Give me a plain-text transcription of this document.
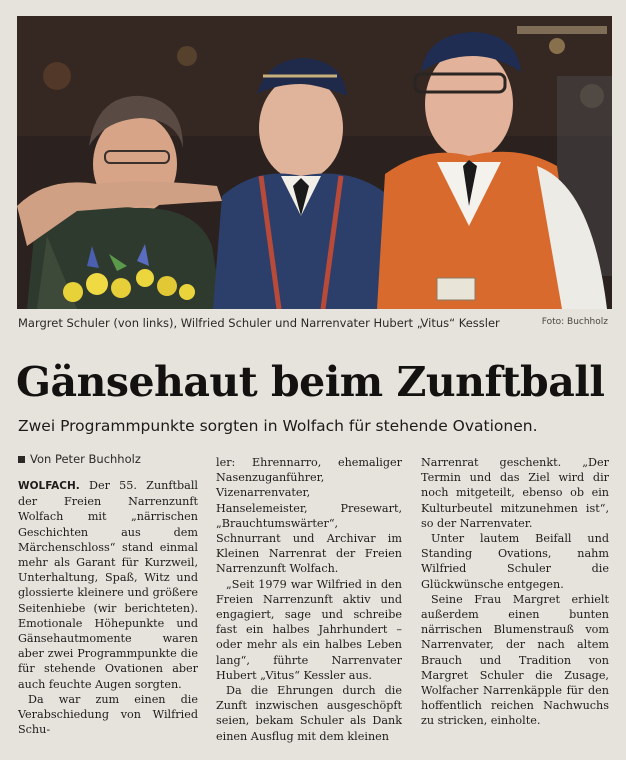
Margret Schuler (von links), Wilfried Schuler und Narrenvater Hubert „Vitus“ Kessler	Foto: Buchholz
Gänsehaut beim Zunftball
Zwei Programmpunkte sorgten in Wolfach für stehende Ovationen.
Von Peter Buchholz

WOLFACH. Der 55. Zunftball der Freien Narrenzunft Wolfach mit „närrischen Geschichten aus dem Märchenschloss“ stand einmal mehr als Garant für Kurzweil, Unterhaltung, Spaß, Witz und glossierte kleinere und größere Seitenhiebe (wir berichteten). Emotionale Höhepunkte und Gänsehautmomente waren aber zwei Programmpunkte die für stehende Ovationen aber auch feuchte Augen sorgten.

Da war zum einen die Verabschiedung von Wilfried Schu-

ler: Ehrennarro, ehemaliger Nasenzuganführer, Vizenarrenvater, Hanselemeister, Presewart, „Brauchtumswärter“, Schnurrant und Archivar im Kleinen Narrenrat der Freien Narrenzunft Wolfach.

„Seit 1979 war Wilfried in den Freien Narrenzunft aktiv und engagiert, sage und schreibe fast ein halbes Jahrhundert – oder mehr als ein halbes Leben lang“, führte Narrenvater Hubert „Vitus“ Kessler aus.

Da die Ehrungen durch die Zunft inzwischen ausgeschöpft seien, bekam Schuler als Dank einen Ausflug mit dem kleinen

Narrenrat geschenkt. „Der Termin und das Ziel wird dir noch mitgeteilt, ebenso ob ein Kulturbeutel mitzunehmen ist“, so der Narrenvater.

Unter lautem Beifall und Standing Ovations, nahm Wilfried Schuler die Glückwünsche entgegen.

Seine Frau Margret erhielt außerdem einen bunten närrischen Blumenstrauß vom Narrenvater, der nach altem Brauch und Tradition von Margret Schuler die Zusage, Wolfacher Narrenkäpple für den hoffentlich reichen Nachwuchs zu stricken, einholte.
